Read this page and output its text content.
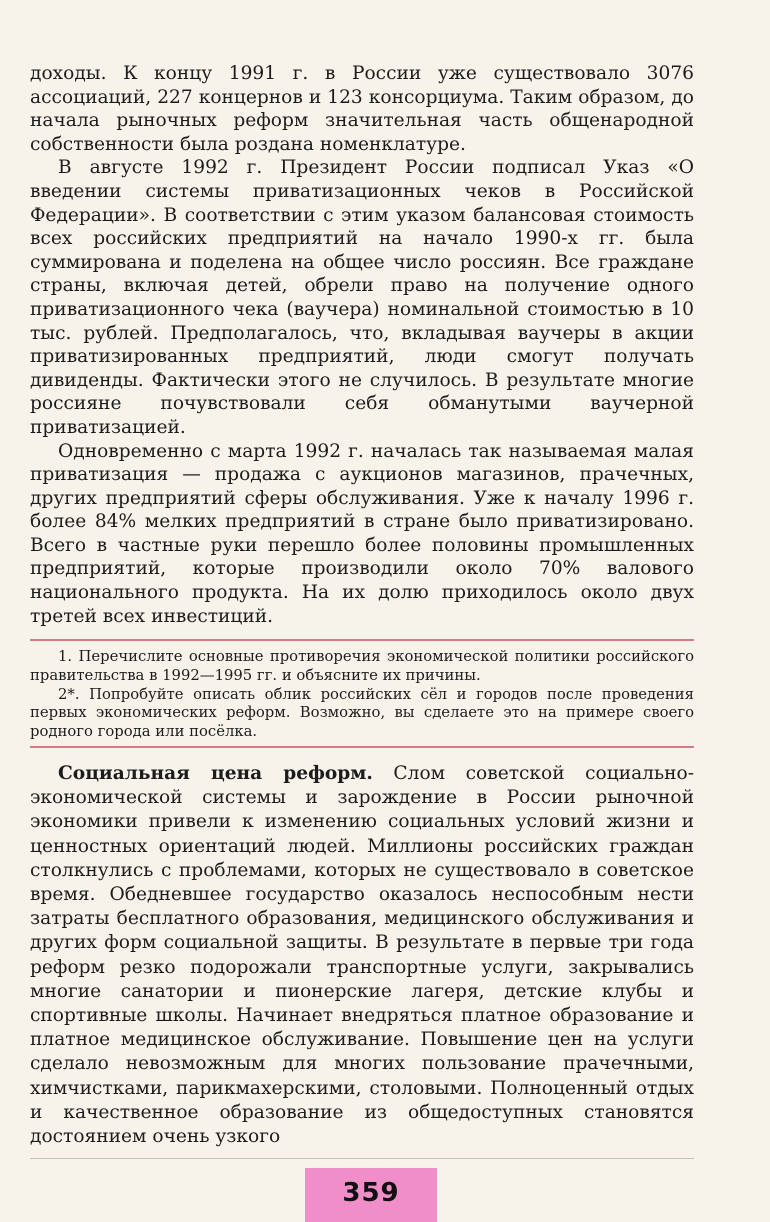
доходы. К концу 1991 г. в России уже существовало 3076 ассоциаций, 227 концернов и 123 консорциума. Таким образом, до начала рыночных реформ значительная часть общенародной собственности была роздана номенклатуре.

В августе 1992 г. Президент России подписал Указ «О введении системы приватизационных чеков в Российской Федерации». В соответствии с этим указом балансовая стоимость всех российских предприятий на начало 1990-х гг. была суммирована и поделена на общее число россиян. Все граждане страны, включая детей, обрели право на получение одного приватизационного чека (ваучера) номинальной стоимостью в 10 тыс. рублей. Предполагалось, что, вкладывая ваучеры в акции приватизированных предприятий, люди смогут получать дивиденды. Фактически этого не случилось. В результате многие россияне почувствовали себя обманутыми ваучерной приватизацией.

Одновременно с марта 1992 г. началась так называемая малая приватизация — продажа с аукционов магазинов, прачечных, других предприятий сферы обслуживания. Уже к началу 1996 г. более 84% мелких предприятий в стране было приватизировано. Всего в частные руки перешло более половины промышленных предприятий, которые производили около 70% валового национального продукта. На их долю приходилось около двух третей всех инвестиций.

1. Перечислите основные противоречия экономической политики российского правительства в 1992—1995 гг. и объясните их причины.

2*. Попробуйте описать облик российских сёл и городов после проведения первых экономических реформ. Возможно, вы сделаете это на примере своего родного города или посёлка.

Социальная цена реформ. Слом советской социально-экономической системы и зарождение в России рыночной экономики привели к изменению социальных условий жизни и ценностных ориентаций людей. Миллионы российских граждан столкнулись с проблемами, которых не существовало в советское время. Обедневшее государство оказалось неспособным нести затраты бесплатного образования, медицинского обслуживания и других форм социальной защиты. В результате в первые три года реформ резко подорожали транспортные услуги, закрывались многие санатории и пионерские лагеря, детские клубы и спортивные школы. Начинает внедряться платное образование и платное медицинское обслуживание. Повышение цен на услуги сделало невозможным для многих пользование прачечными, химчистками, парикмахерскими, столовыми. Полноценный отдых и качественное образование из общедоступных становятся достоянием очень узкого

359
